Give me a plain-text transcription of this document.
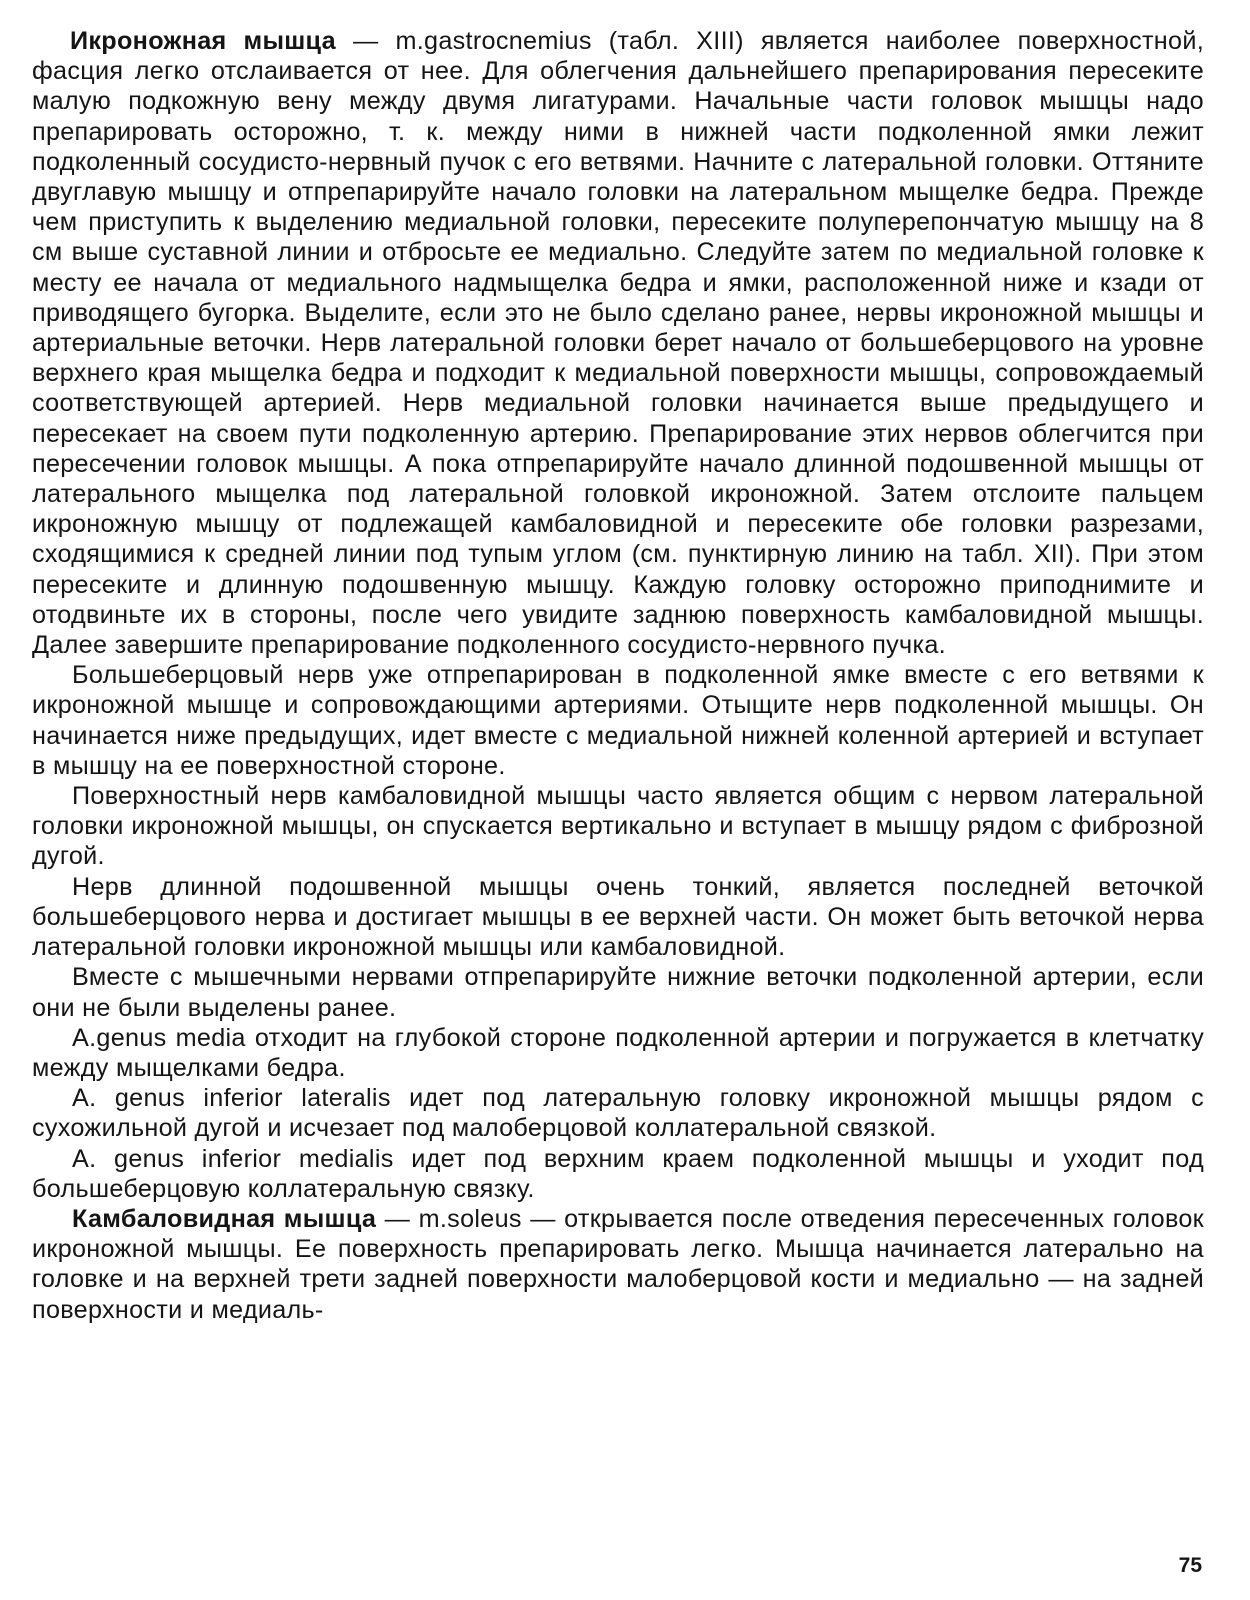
Икроножная мышца — m.gastrocnemius (табл. XIII) является наиболее поверхностной, фасция легко отслаивается от нее. Для облегчения дальнейшего препарирования пересеките малую подкожную вену между двумя лигатурами. Начальные части головок мышцы надо препарировать осторожно, т. к. между ними в нижней части подколенной ямки лежит подколенный сосудисто-нервный пучок с его ветвями. Начните с латеральной головки. Оттяните двуглавую мышцу и отпрепарируйте начало головки на латеральном мыщелке бедра. Прежде чем приступить к выделению медиальной головки, пересеките полуперепончатую мышцу на 8 см выше суставной линии и отбросьте ее медиально. Следуйте затем по медиальной головке к месту ее начала от медиального надмыщелка бедра и ямки, расположенной ниже и кзади от приводящего бугорка. Выделите, если это не было сделано ранее, нервы икроножной мышцы и артериальные веточки. Нерв латеральной головки берет начало от большеберцового на уровне верхнего края мыщелка бедра и подходит к медиальной поверхности мышцы, сопровождаемый соответствующей артерией. Нерв медиальной головки начинается выше предыдущего и пересекает на своем пути подколенную артерию. Препарирование этих нервов облегчится при пересечении головок мышцы. А пока отпрепарируйте начало длинной подошвенной мышцы от латерального мыщелка под латеральной головкой икроножной. Затем отслоите пальцем икроножную мышцу от подлежащей камбаловидной и пересеките обе головки разрезами, сходящимися к средней линии под тупым углом (см. пунктирную линию на табл. XII). При этом пересеките и длинную подошвенную мышцу. Каждую головку осторожно приподнимите и отодвиньте их в стороны, после чего увидите заднюю поверхность камбаловидной мышцы. Далее завершите препарирование подколенного сосудисто-нервного пучка.

Большеберцовый нерв уже отпрепарирован в подколенной ямке вместе с его ветвями к икроножной мышце и сопровождающими артериями. Отыщите нерв подколенной мышцы. Он начинается ниже предыдущих, идет вместе с медиальной нижней коленной артерией и вступает в мышцу на ее поверхностной стороне.

Поверхностный нерв камбаловидной мышцы часто является общим с нервом латеральной головки икроножной мышцы, он спускается вертикально и вступает в мышцу рядом с фиброзной дугой.

Нерв длинной подошвенной мышцы очень тонкий, является последней веточкой большеберцового нерва и достигает мышцы в ее верхней части. Он может быть веточкой нерва латеральной головки икроножной мышцы или камбаловидной.

Вместе с мышечными нервами отпрепарируйте нижние веточки подколенной артерии, если они не были выделены ранее.

A.genus media отходит на глубокой стороне подколенной артерии и погружается в клетчатку между мыщелками бедра.

A. genus inferior lateralis идет под латеральную головку икроножной мышцы рядом с сухожильной дугой и исчезает под малоберцовой коллатеральной связкой.

A. genus inferior medialis идет под верхним краем подколенной мышцы и уходит под большеберцовую коллатеральную связку.

Камбаловидная мышца — m.soleus — открывается после отведения пересеченных головок икроножной мышцы. Ее поверхность препарировать легко. Мышца начинается латерально на головке и на верхней трети задней поверхности малоберцовой кости и медиально — на задней поверхности и медиаль-

75
